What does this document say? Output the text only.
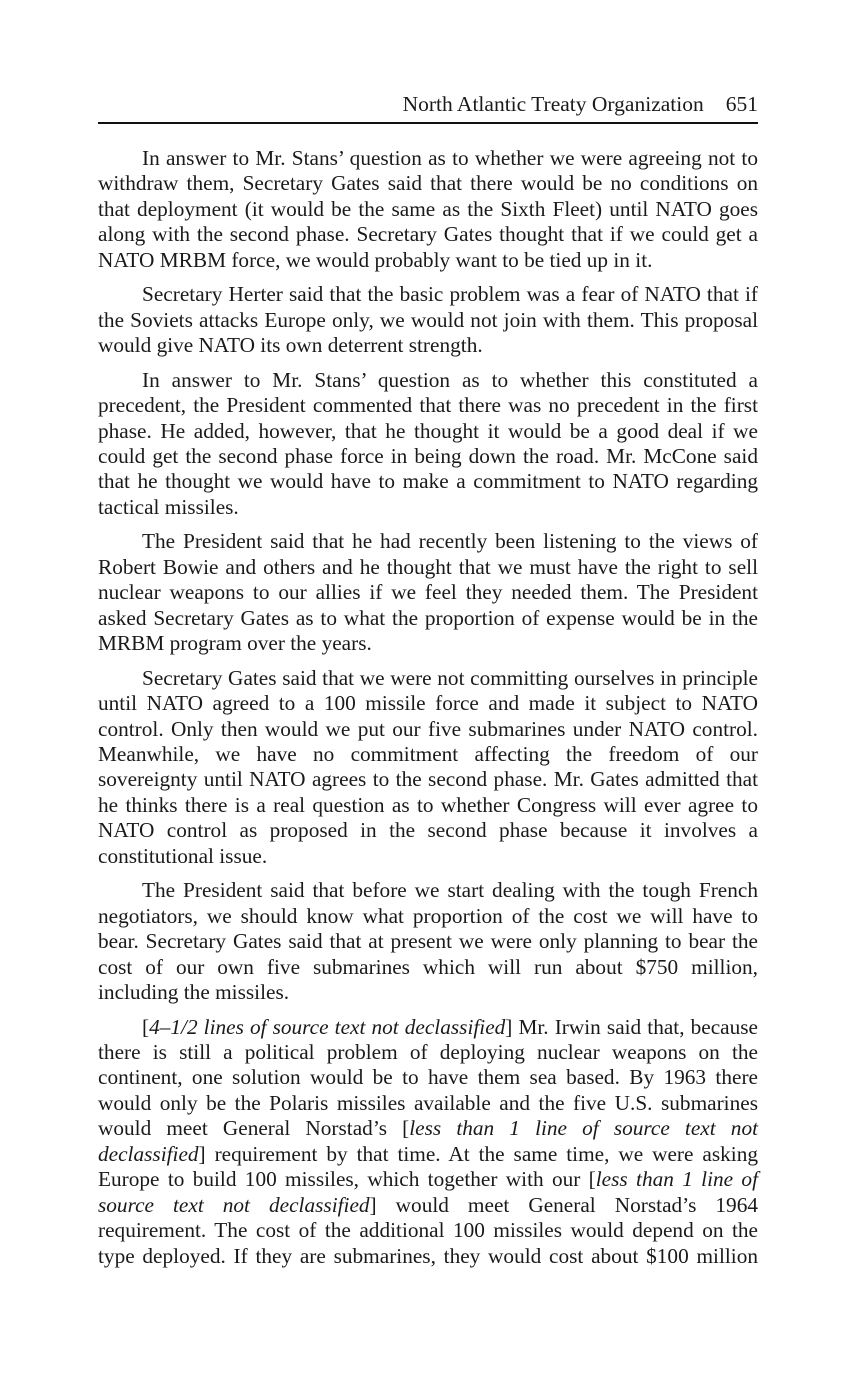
North Atlantic Treaty Organization 651

In answer to Mr. Stans’ question as to whether we were agreeing not to withdraw them, Secretary Gates said that there would be no conditions on that deployment (it would be the same as the Sixth Fleet) until NATO goes along with the second phase. Secretary Gates thought that if we could get a NATO MRBM force, we would probably want to be tied up in it.

Secretary Herter said that the basic problem was a fear of NATO that if the Soviets attacks Europe only, we would not join with them. This proposal would give NATO its own deterrent strength.

In answer to Mr. Stans’ question as to whether this constituted a precedent, the President commented that there was no precedent in the first phase. He added, however, that he thought it would be a good deal if we could get the second phase force in being down the road. Mr. McCone said that he thought we would have to make a commitment to NATO regarding tactical missiles.

The President said that he had recently been listening to the views of Robert Bowie and others and he thought that we must have the right to sell nuclear weapons to our allies if we feel they needed them. The President asked Secretary Gates as to what the proportion of expense would be in the MRBM program over the years.

Secretary Gates said that we were not committing ourselves in principle until NATO agreed to a 100 missile force and made it subject to NATO control. Only then would we put our five submarines under NATO control. Meanwhile, we have no commitment affecting the freedom of our sovereignty until NATO agrees to the second phase. Mr. Gates admitted that he thinks there is a real question as to whether Congress will ever agree to NATO control as proposed in the second phase because it involves a constitutional issue.

The President said that before we start dealing with the tough French negotiators, we should know what proportion of the cost we will have to bear. Secretary Gates said that at present we were only planning to bear the cost of our own five submarines which will run about $750 million, including the missiles.

[4–1/2 lines of source text not declassified] Mr. Irwin said that, because there is still a political problem of deploying nuclear weapons on the continent, one solution would be to have them sea based. By 1963 there would only be the Polaris missiles available and the five U.S. submarines would meet General Norstad’s [less than 1 line of source text not declassified] requirement by that time. At the same time, we were asking Europe to build 100 missiles, which together with our [less than 1 line of source text not declassified] would meet General Norstad’s 1964 requirement. The cost of the additional 100 missiles would depend on the type deployed. If they are submarines, they would cost about $100 million
